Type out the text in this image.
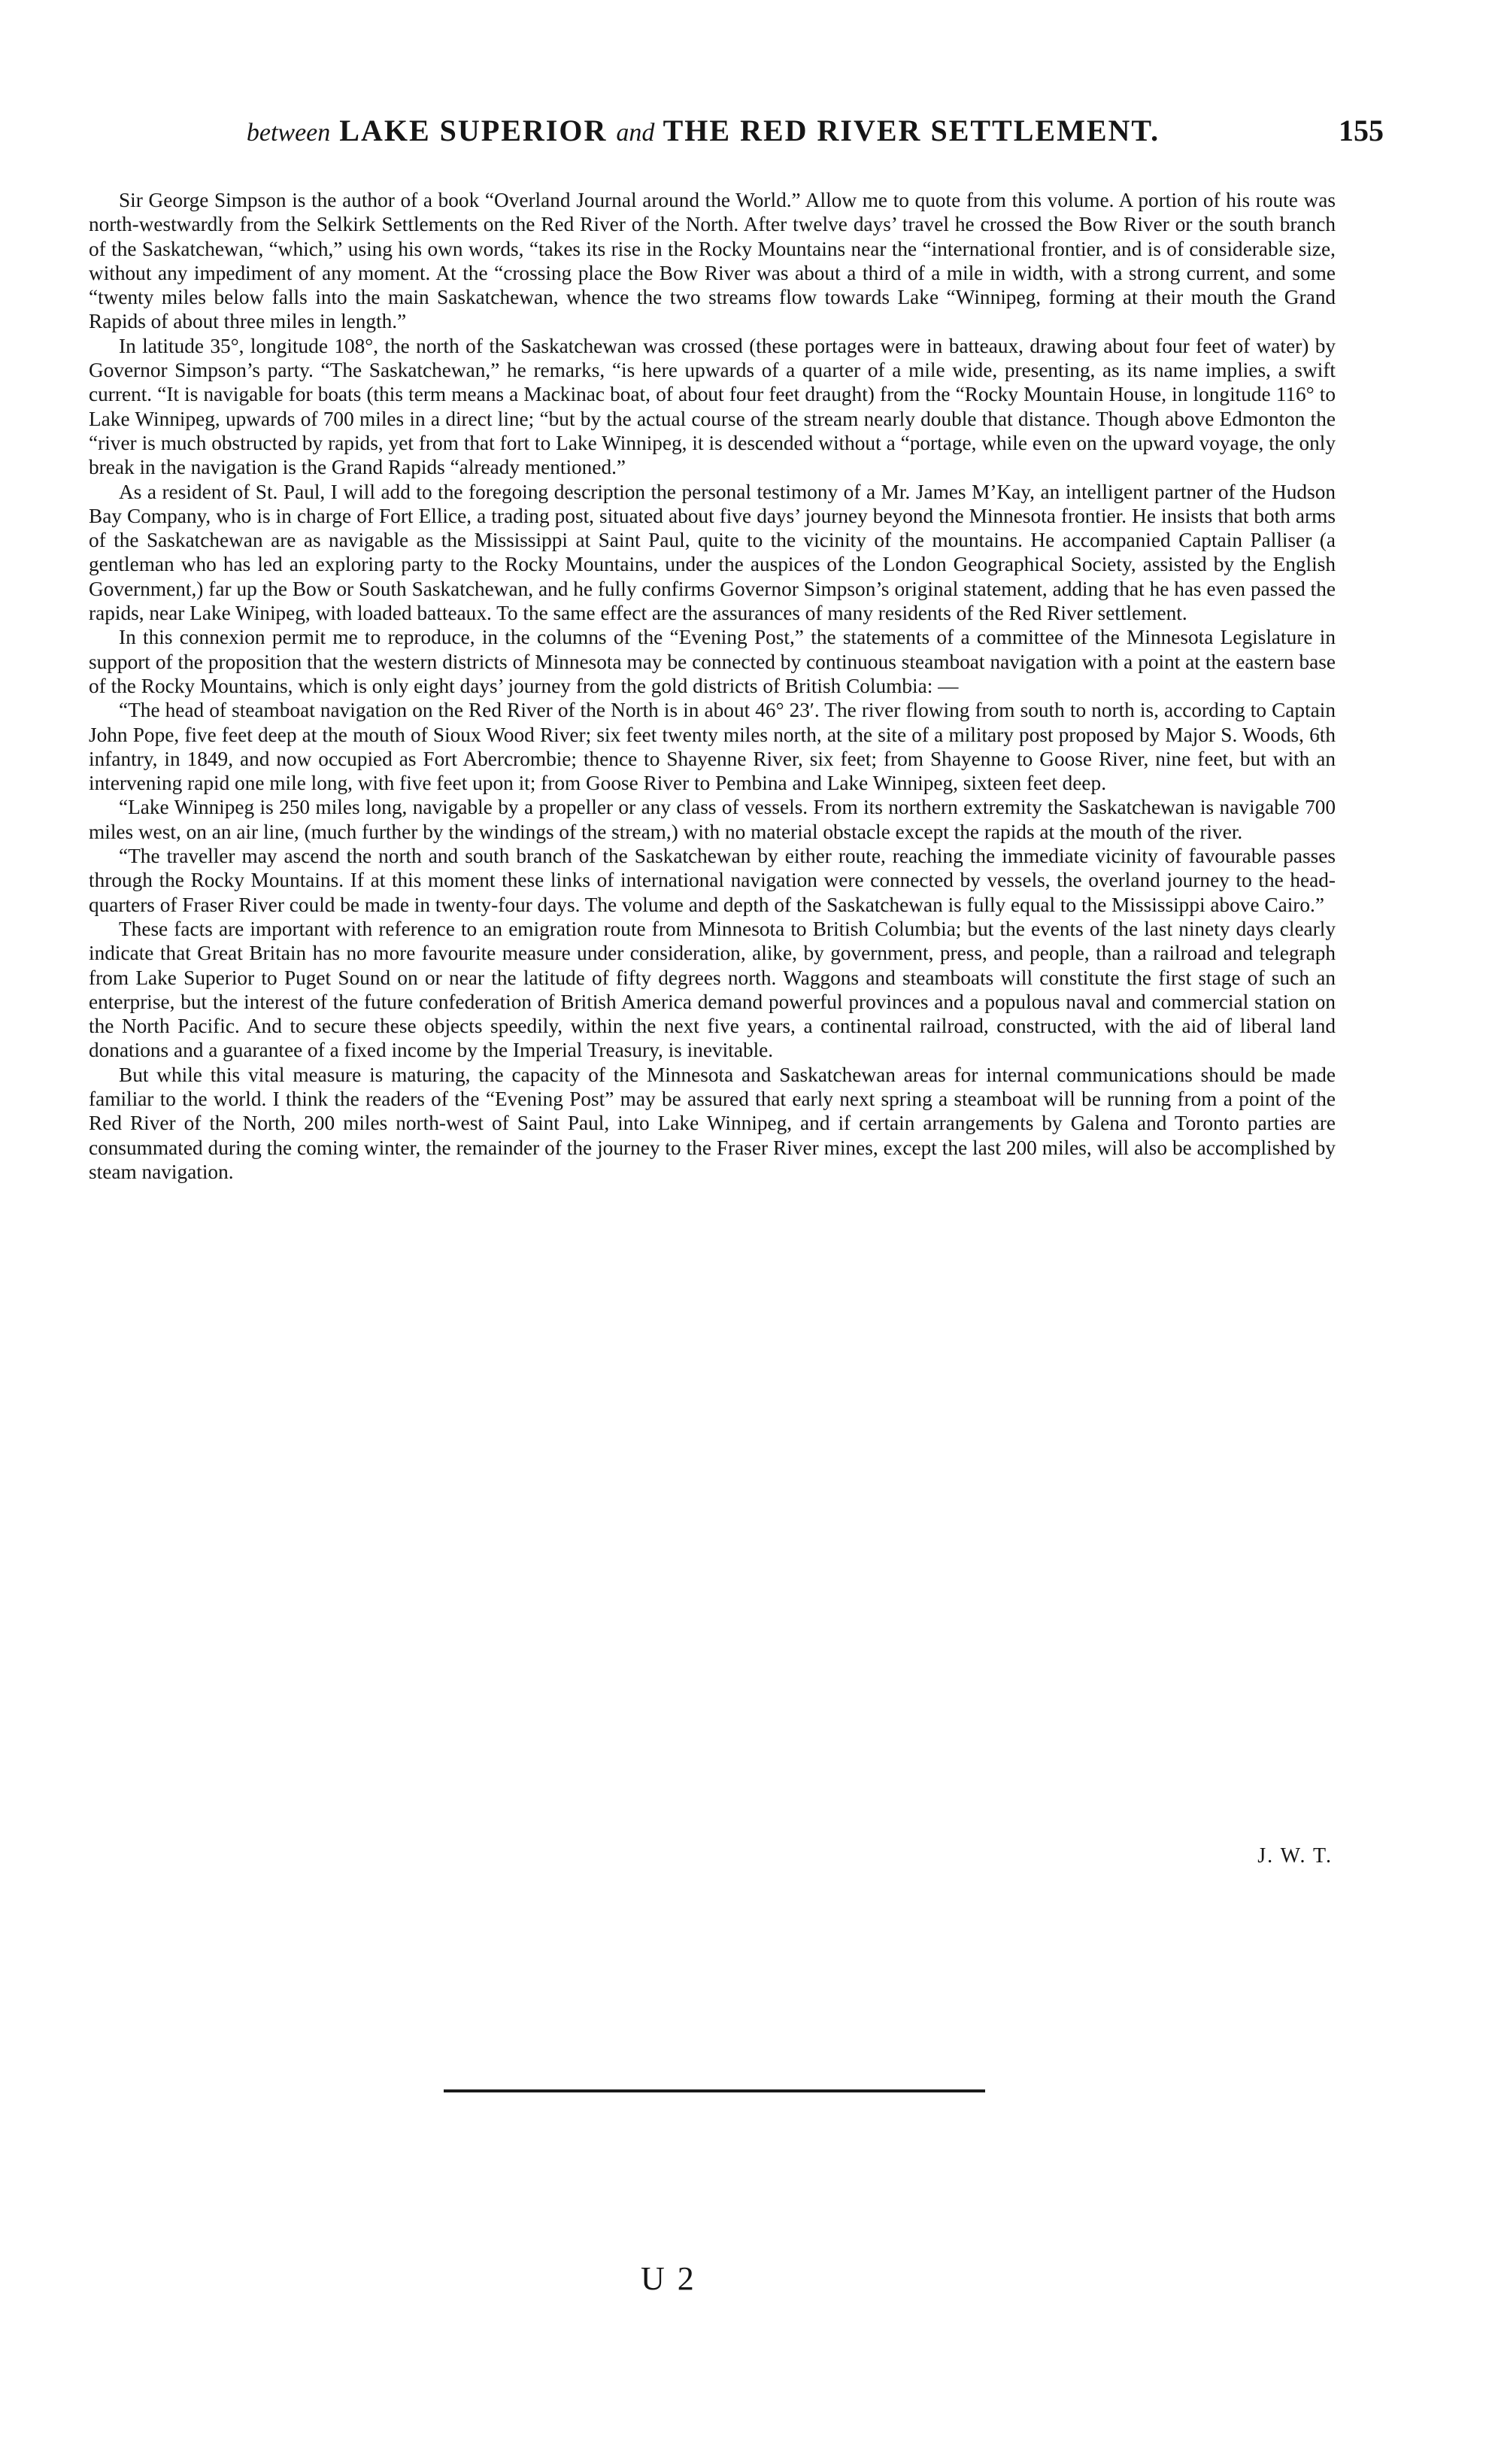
between LAKE SUPERIOR and THE RED RIVER SETTLEMENT.	155

Sir George Simpson is the author of a book “Overland Journal around the World.” Allow me to quote from this volume. A portion of his route was north-westwardly from the Selkirk Settlements on the Red River of the North. After twelve days’ travel he crossed the Bow River or the south branch of the Saskatchewan, “which,” using his own words, “takes its rise in the Rocky Mountains near the “international frontier, and is of considerable size, without any impediment of any moment. At the “crossing place the Bow River was about a third of a mile in width, with a strong current, and some “twenty miles below falls into the main Saskatchewan, whence the two streams flow towards Lake “Winnipeg, forming at their mouth the Grand Rapids of about three miles in length.”

In latitude 35°, longitude 108°, the north of the Saskatchewan was crossed (these portages were in batteaux, drawing about four feet of water) by Governor Simpson’s party. “The Saskatchewan,” he remarks, “is here upwards of a quarter of a mile wide, presenting, as its name implies, a swift current. “It is navigable for boats (this term means a Mackinac boat, of about four feet draught) from the “Rocky Mountain House, in longitude 116° to Lake Winnipeg, upwards of 700 miles in a direct line; “but by the actual course of the stream nearly double that distance. Though above Edmonton the “river is much obstructed by rapids, yet from that fort to Lake Winnipeg, it is descended without a “portage, while even on the upward voyage, the only break in the navigation is the Grand Rapids “already mentioned.”

As a resident of St. Paul, I will add to the foregoing description the personal testimony of a Mr. James M’Kay, an intelligent partner of the Hudson Bay Company, who is in charge of Fort Ellice, a trading post, situated about five days’ journey beyond the Minnesota frontier. He insists that both arms of the Saskatchewan are as navigable as the Mississippi at Saint Paul, quite to the vicinity of the mountains. He accompanied Captain Palliser (a gentleman who has led an exploring party to the Rocky Mountains, under the auspices of the London Geographical Society, assisted by the English Government,) far up the Bow or South Saskatchewan, and he fully confirms Governor Simpson’s original statement, adding that he has even passed the rapids, near Lake Winipeg, with loaded batteaux. To the same effect are the assurances of many residents of the Red River settlement.

In this connexion permit me to reproduce, in the columns of the “Evening Post,” the statements of a committee of the Minnesota Legislature in support of the proposition that the western districts of Minnesota may be connected by continuous steamboat navigation with a point at the eastern base of the Rocky Mountains, which is only eight days’ journey from the gold districts of British Columbia: —

“The head of steamboat navigation on the Red River of the North is in about 46° 23′. The river flowing from south to north is, according to Captain John Pope, five feet deep at the mouth of Sioux Wood River; six feet twenty miles north, at the site of a military post proposed by Major S. Woods, 6th infantry, in 1849, and now occupied as Fort Abercrombie; thence to Shayenne River, six feet; from Shayenne to Goose River, nine feet, but with an intervening rapid one mile long, with five feet upon it; from Goose River to Pembina and Lake Winnipeg, sixteen feet deep.

“Lake Winnipeg is 250 miles long, navigable by a propeller or any class of vessels. From its northern extremity the Saskatchewan is navigable 700 miles west, on an air line, (much further by the windings of the stream,) with no material obstacle except the rapids at the mouth of the river.

“The traveller may ascend the north and south branch of the Saskatchewan by either route, reaching the immediate vicinity of favourable passes through the Rocky Mountains. If at this moment these links of international navigation were connected by vessels, the overland journey to the head-quarters of Fraser River could be made in twenty-four days. The volume and depth of the Saskatchewan is fully equal to the Mississippi above Cairo.”

These facts are important with reference to an emigration route from Minnesota to British Columbia; but the events of the last ninety days clearly indicate that Great Britain has no more favourite measure under consideration, alike, by government, press, and people, than a railroad and telegraph from Lake Superior to Puget Sound on or near the latitude of fifty degrees north. Waggons and steamboats will constitute the first stage of such an enterprise, but the interest of the future confederation of British America demand powerful provinces and a populous naval and commercial station on the North Pacific. And to secure these objects speedily, within the next five years, a continental railroad, constructed, with the aid of liberal land donations and a guarantee of a fixed income by the Imperial Treasury, is inevitable.

But while this vital measure is maturing, the capacity of the Minnesota and Saskatchewan areas for internal communications should be made familiar to the world. I think the readers of the “Evening Post” may be assured that early next spring a steamboat will be running from a point of the Red River of the North, 200 miles north-west of Saint Paul, into Lake Winnipeg, and if certain arrangements by Galena and Toronto parties are consummated during the coming winter, the remainder of the journey to the Fraser River mines, except the last 200 miles, will also be accomplished by steam navigation.

J. W. T.
U 2
